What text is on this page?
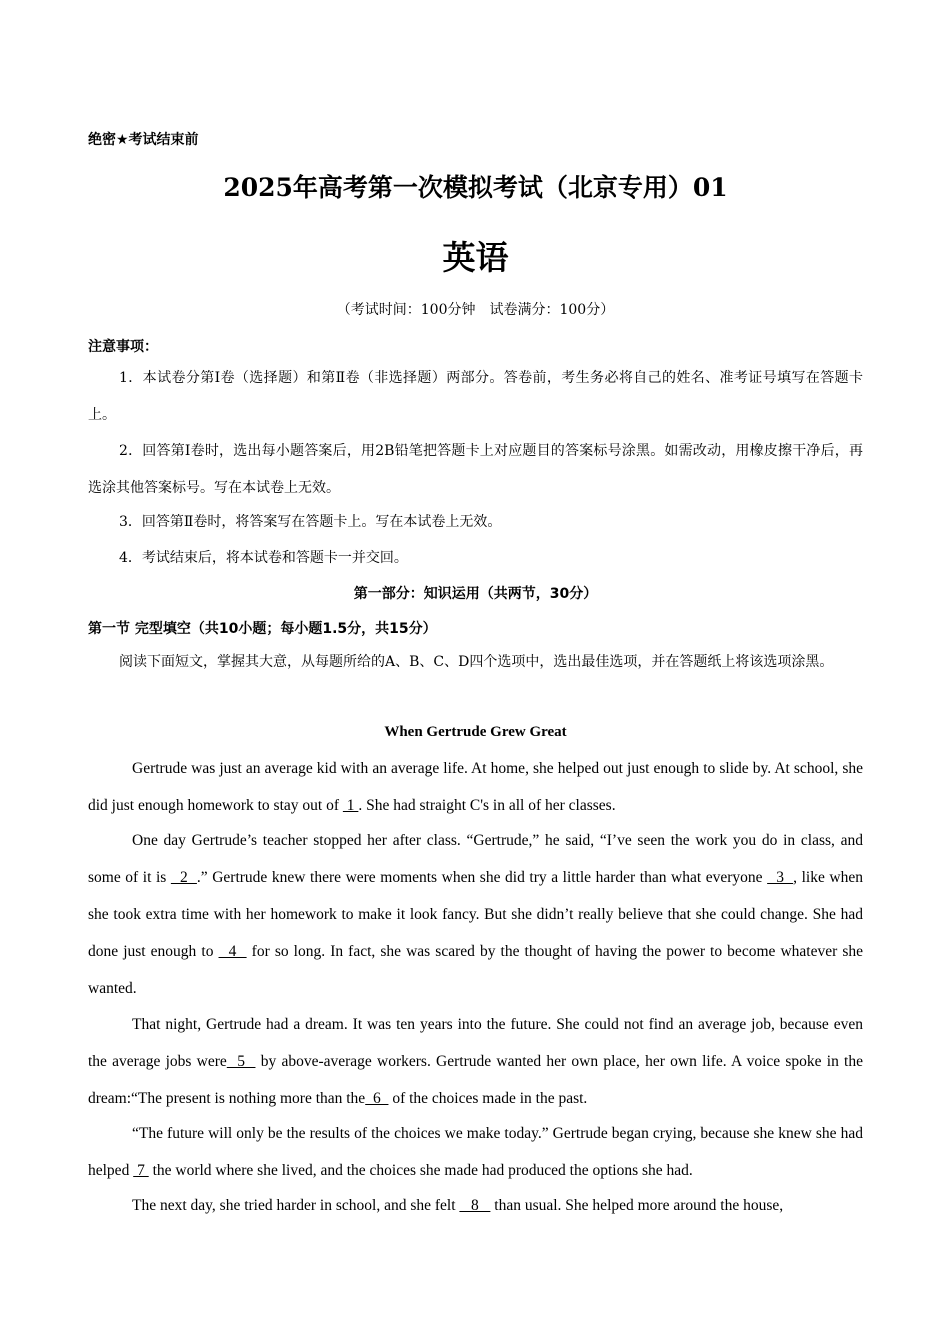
绝密★考试结束前
2025年高考第一次模拟考试（北京专用）01
英语
（考试时间：100分钟　试卷满分：100分）
注意事项：

1．本试卷分第Ⅰ卷（选择题）和第Ⅱ卷（非选择题）两部分。答卷前，考生务必将自己的姓名、准考证号填写在答题卡上。

2．回答第Ⅰ卷时，选出每小题答案后，用2B铅笔把答题卡上对应题目的答案标号涂黑。如需改动，用橡皮擦干净后，再选涂其他答案标号。写在本试卷上无效。

3．回答第Ⅱ卷时，将答案写在答题卡上。写在本试卷上无效。

4．考试结束后，将本试卷和答题卡一并交回。

第一部分：知识运用（共两节，30分）
第一节 完型填空（共10小题；每小题1.5分，共15分）

阅读下面短文，掌握其大意，从每题所给的A、B、C、D四个选项中，选出最佳选项，并在答题纸上将该选项涂黑。

When Gertrude Grew Great

Gertrude was just an average kid with an average life. At home, she helped out just enough to slide by. At school, she did just enough homework to stay out of  1 . She had straight C's in all of her classes.

One day Gertrude’s teacher stopped her after class. “Gertrude,” he said, “I’ve seen the work you do in class, and some of it is   2  .” Gertrude knew there were moments when she did try a little harder than what everyone   3  , like when she took extra time with her homework to make it look fancy. But she didn’t really believe that she could change. She had done just enough to   4   for so long. In fact, she was scared by the thought of having the power to become whatever she wanted.

That night, Gertrude had a dream. It was ten years into the future. She could not find an average job, because even the average jobs were  5   by above-average workers. Gertrude wanted her own place, her own life. A voice spoke in the dream:“The present is nothing more than the  6   of the choices made in the past.

“The future will only be the results of the choices we make today.” Gertrude began crying, because she knew she had helped  7  the world where she lived, and the choices she made had produced the options she had.

The next day, she tried harder in school, and she felt    8    than usual. She helped more around the house,
